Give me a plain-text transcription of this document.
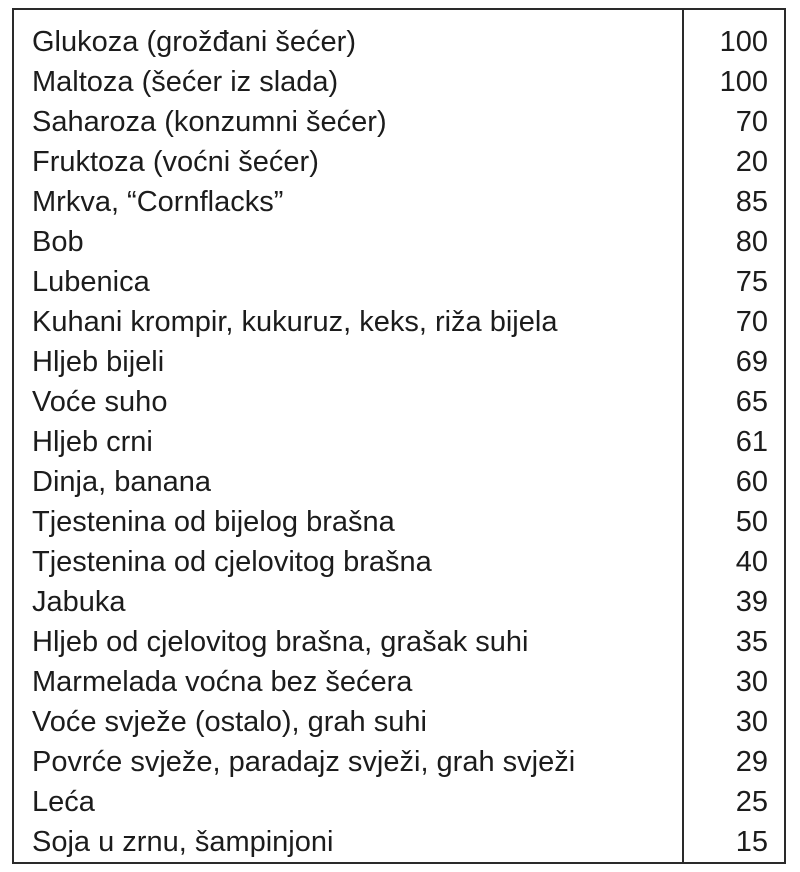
Glukoza (grožđani šećer)	100
Maltoza (šećer iz slada)	100
Saharoza (konzumni šećer)	70
Fruktoza (voćni šećer)	20
Mrkva, “Cornflacks”	85
Bob	80
Lubenica	75
Kuhani krompir, kukuruz, keks, riža bijela	70
Hljeb bijeli	69
Voće suho	65
Hljeb crni	61
Dinja, banana	60
Tjestenina od bijelog brašna	50
Tjestenina od cjelovitog brašna	40
Jabuka	39
Hljeb od cjelovitog brašna, grašak suhi	35
Marmelada voćna bez šećera	30
Voće svježe (ostalo), grah suhi	30
Povrće svježe, paradajz svježi, grah svježi	29
Leća	25
Soja u zrnu, šampinjoni	15
